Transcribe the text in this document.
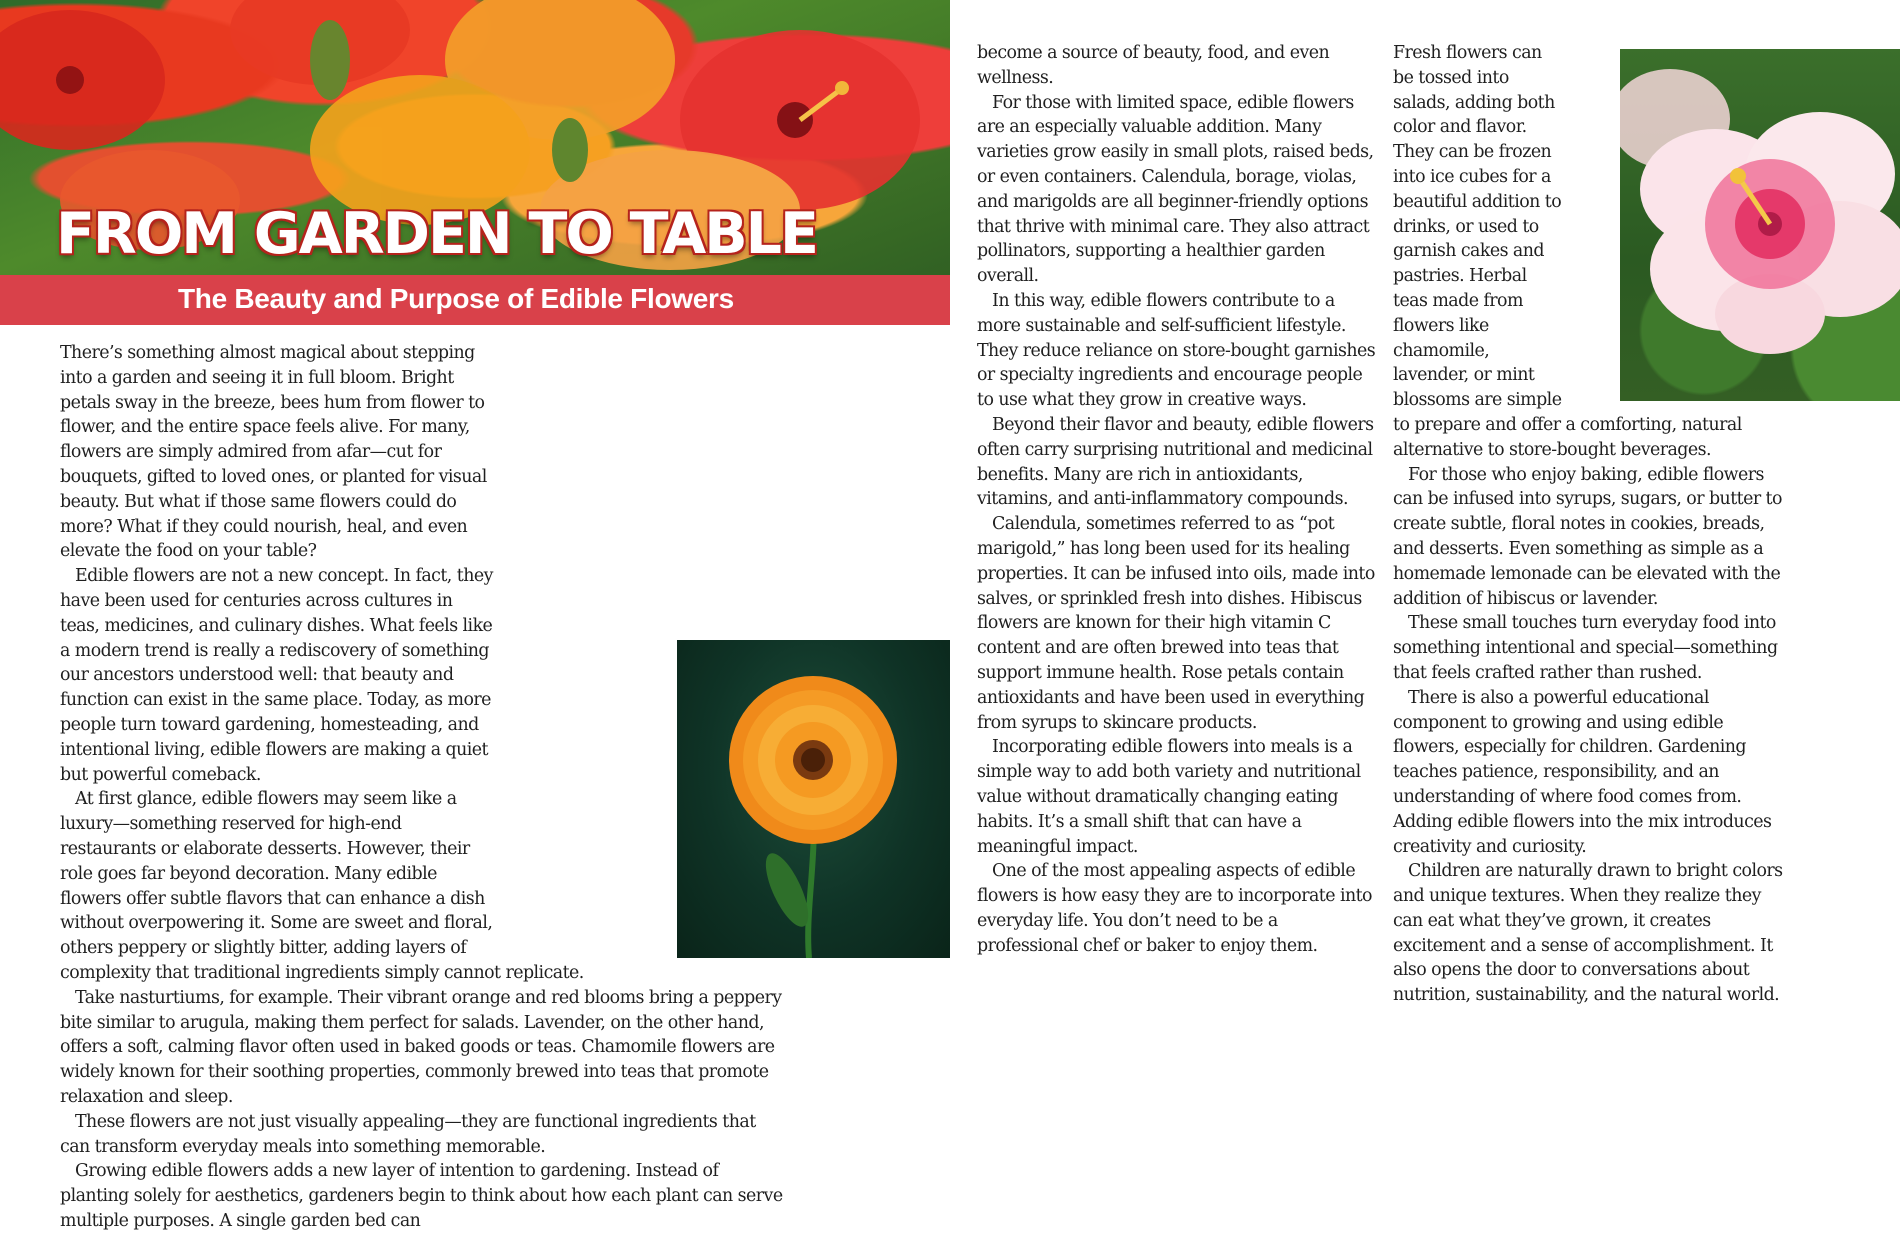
FROM GARDEN TO TABLE
The Beauty and Purpose of Edible Flowers

There’s something almost magical about stepping into a garden and seeing it in full bloom. Bright petals sway in the breeze, bees hum from flower to flower, and the entire space feels alive. For many, flowers are simply admired from afar—cut for bouquets, gifted to loved ones, or planted for visual beauty. But what if those same flowers could do more? What if they could nourish, heal, and even elevate the food on your table?

Edible flowers are not a new concept. In fact, they have been used for centuries across cultures in teas, medicines, and culinary dishes. What feels like a modern trend is really a rediscovery of something our ancestors understood well: that beauty and function can exist in the same place. Today, as more people turn toward gardening, homesteading, and intentional living, edible flowers are making a quiet but powerful comeback.

At first glance, edible flowers may seem like a luxury—something reserved for high-end restaurants or elaborate desserts. However, their role goes far beyond decoration. Many edible flowers offer subtle flavors that can enhance a dish without overpowering it. Some are sweet and floral, others peppery or slightly bitter, adding layers of complexity that traditional ingredients simply cannot replicate.

Take nasturtiums, for example. Their vibrant orange and red blooms bring a peppery bite similar to arugula, making them perfect for salads. Lavender, on the other hand, offers a soft, calming flavor often used in baked goods or teas. Chamomile flowers are widely known for their soothing properties, commonly brewed into teas that promote relaxation and sleep.

These flowers are not just visually appealing—they are functional ingredients that can transform everyday meals into something memorable.

Growing edible flowers adds a new layer of intention to gardening. Instead of planting solely for aesthetics, gardeners begin to think about how each plant can serve multiple purposes. A single garden bed can

become a source of beauty, food, and even wellness.

For those with limited space, edible flowers are an especially valuable addition. Many varieties grow easily in small plots, raised beds, or even containers. Calendula, borage, violas, and marigolds are all beginner-friendly options that thrive with minimal care. They also attract pollinators, supporting a healthier garden overall.

In this way, edible flowers contribute to a more sustainable and self-sufficient lifestyle. They reduce reliance on store-bought garnishes or specialty ingredients and encourage people to use what they grow in creative ways.

Beyond their flavor and beauty, edible flowers often carry surprising nutritional and medicinal benefits. Many are rich in antioxidants, vitamins, and anti-inflammatory compounds.

Calendula, sometimes referred to as “pot marigold,” has long been used for its healing properties. It can be infused into oils, made into salves, or sprinkled fresh into dishes. Hibiscus flowers are known for their high vitamin C content and are often brewed into teas that support immune health. Rose petals contain antioxidants and have been used in everything from syrups to skincare products.

Incorporating edible flowers into meals is a simple way to add both variety and nutritional value without dramatically changing eating habits. It’s a small shift that can have a meaningful impact.

One of the most appealing aspects of edible flowers is how easy they are to incorporate into everyday life. You don’t need to be a professional chef or baker to enjoy them.

Fresh flowers can be tossed into salads, adding both color and flavor. They can be frozen into ice cubes for a beautiful addition to drinks, or used to garnish cakes and pastries. Herbal teas made from flowers like chamomile, lavender, or mint blossoms are simple to prepare and offer a comforting, natural alternative to store-bought beverages.

For those who enjoy baking, edible flowers can be infused into syrups, sugars, or butter to create subtle, floral notes in cookies, breads, and desserts. Even something as simple as a homemade lemonade can be elevated with the addition of hibiscus or lavender.

These small touches turn everyday food into something intentional and special—something that feels crafted rather than rushed.

There is also a powerful educational component to growing and using edible flowers, especially for children. Gardening teaches patience, responsibility, and an understanding of where food comes from. Adding edible flowers into the mix introduces creativity and curiosity.

Children are naturally drawn to bright colors and unique textures. When they realize they can eat what they’ve grown, it creates excitement and a sense of accomplishment. It also opens the door to conversations about nutrition, sustainability, and the natural world.
